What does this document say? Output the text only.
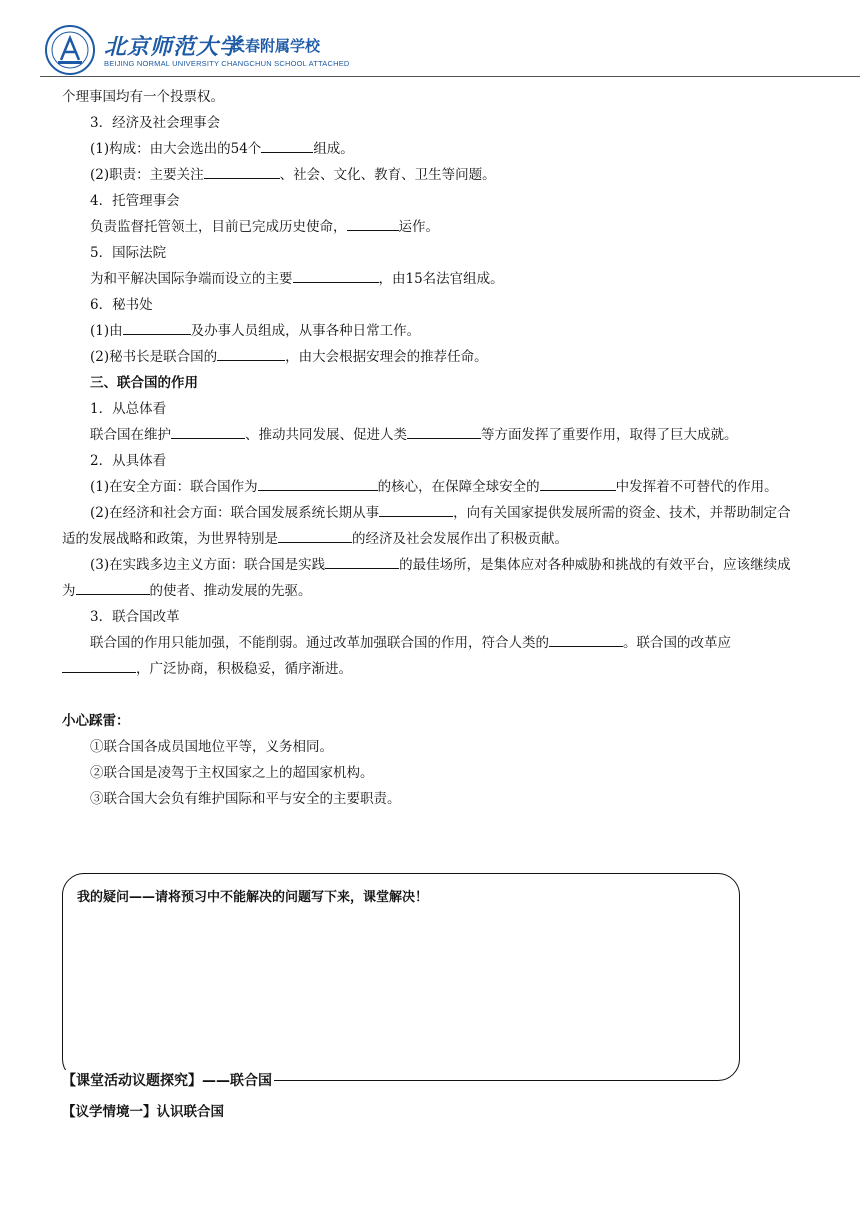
北京师范大学
长春附属学校
BEIJING NORMAL UNIVERSITY CHANGCHUN SCHOOL ATTACHED
个理事国均有一个投票权。
3．经济及社会理事会
(1)构成：由大会选出的54个	组成。
(2)职责：主要关注	、社会、文化、教育、卫生等问题。
4．托管理事会
负责监督托管领土，目前已完成历史使命，	运作。
5．国际法院
为和平解决国际争端而设立的主要	，由15名法官组成。
6．秘书处
(1)由	及办事人员组成，从事各种日常工作。
(2)秘书长是联合国的	，由大会根据安理会的推荐任命。
三、联合国的作用
1．从总体看
联合国在维护	、推动共同发展、促进人类	等方面发挥了重要作用，取得了巨大成就。
2．从具体看
(1)在安全方面：联合国作为	的核心，在保障全球安全的	中发挥着不可替代的作用。
(2)在经济和社会方面：联合国发展系统长期从事	，向有关国家提供发展所需的资金、技术，并帮助制定合适的发展战略和政策，为世界特别是	的经济及社会发展作出了积极贡献。
(3)在实践多边主义方面：联合国是实践	的最佳场所，是集体应对各种威胁和挑战的有效平台，应该继续成为	的使者、推动发展的先驱。
3．联合国改革
联合国的作用只能加强，不能削弱。通过改革加强联合国的作用，符合人类的	。联合国的改革应，广泛协商，积极稳妥，循序渐进。
小心踩雷：
①联合国各成员国地位平等，义务相同。
②联合国是凌驾于主权国家之上的超国家机构。
③联合国大会负有维护国际和平与安全的主要职责。
我的疑问——请将预习中不能解决的问题写下来，课堂解决！
【课堂活动议题探究】——联合国
【议学情境一】认识联合国
